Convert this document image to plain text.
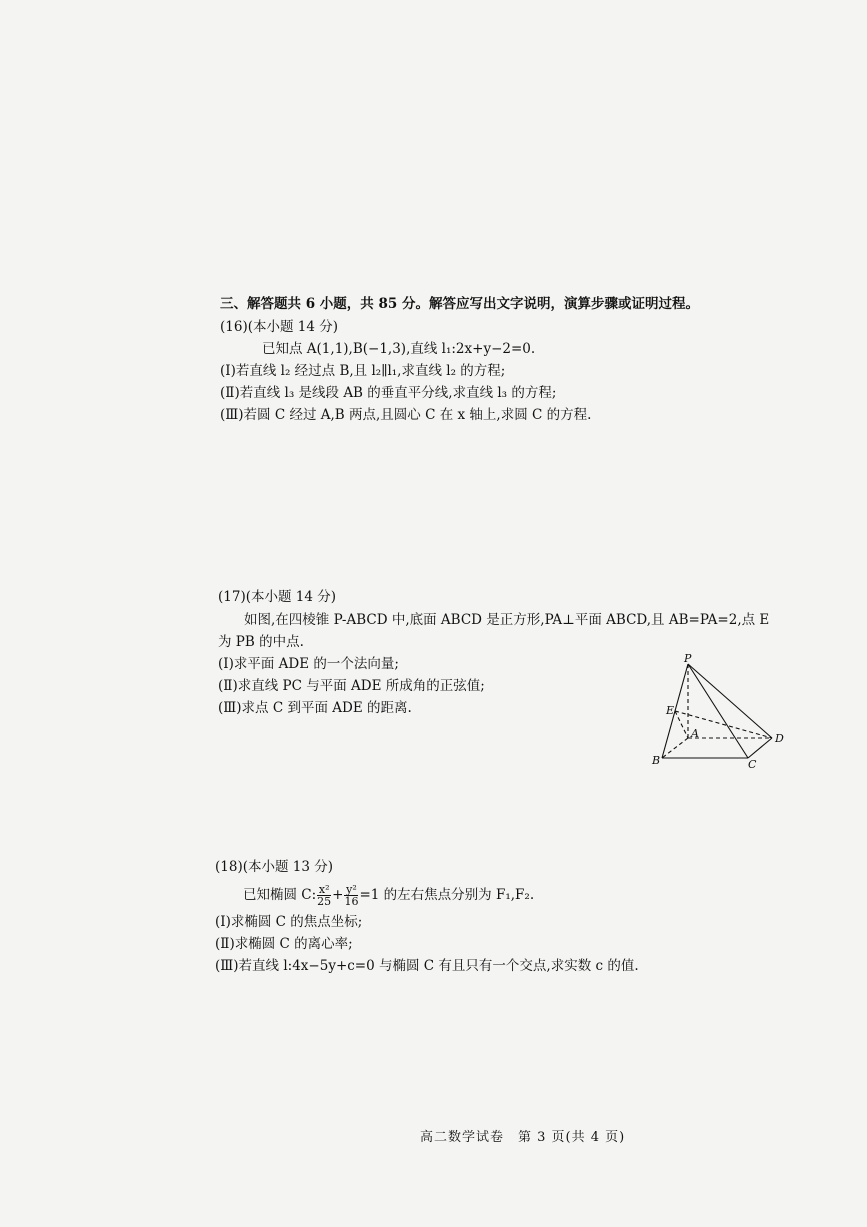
三、解答题共 6 小题，共 85 分。解答应写出文字说明，演算步骤或证明过程。
(16)(本小题 14 分)
已知点 A(1,1),B(−1,3),直线 l₁:2x+y−2=0.
(Ⅰ)若直线 l₂ 经过点 B,且 l₂∥l₁,求直线 l₂ 的方程;
(Ⅱ)若直线 l₃ 是线段 AB 的垂直平分线,求直线 l₃ 的方程;
(Ⅲ)若圆 C 经过 A,B 两点,且圆心 C 在 x 轴上,求圆 C 的方程.
(17)(本小题 14 分)
如图,在四棱锥 P-ABCD 中,底面 ABCD 是正方形,PA⊥平面 ABCD,且 AB=PA=2,点 E
为 PB 的中点.
(Ⅰ)求平面 ADE 的一个法向量;
(Ⅱ)求直线 PC 与平面 ADE 所成角的正弦值;
(Ⅲ)求点 C 到平面 ADE 的距离.
P
E
A
B	C
D
(18)(本小题 13 分)
已知椭圆 C: $\frac{\text{x²}}{25} + \frac{\text{y²}}{16} =1$ 的左右焦点分别为 F₁,F₂.
(Ⅰ)求椭圆 C 的焦点坐标;
(Ⅱ)求椭圆 C 的离心率;
(Ⅲ)若直线 l:4x−5y+c=0 与椭圆 C 有且只有一个交点,求实数 c 的值.
高二数学试卷　第 3 页(共 4 页)
